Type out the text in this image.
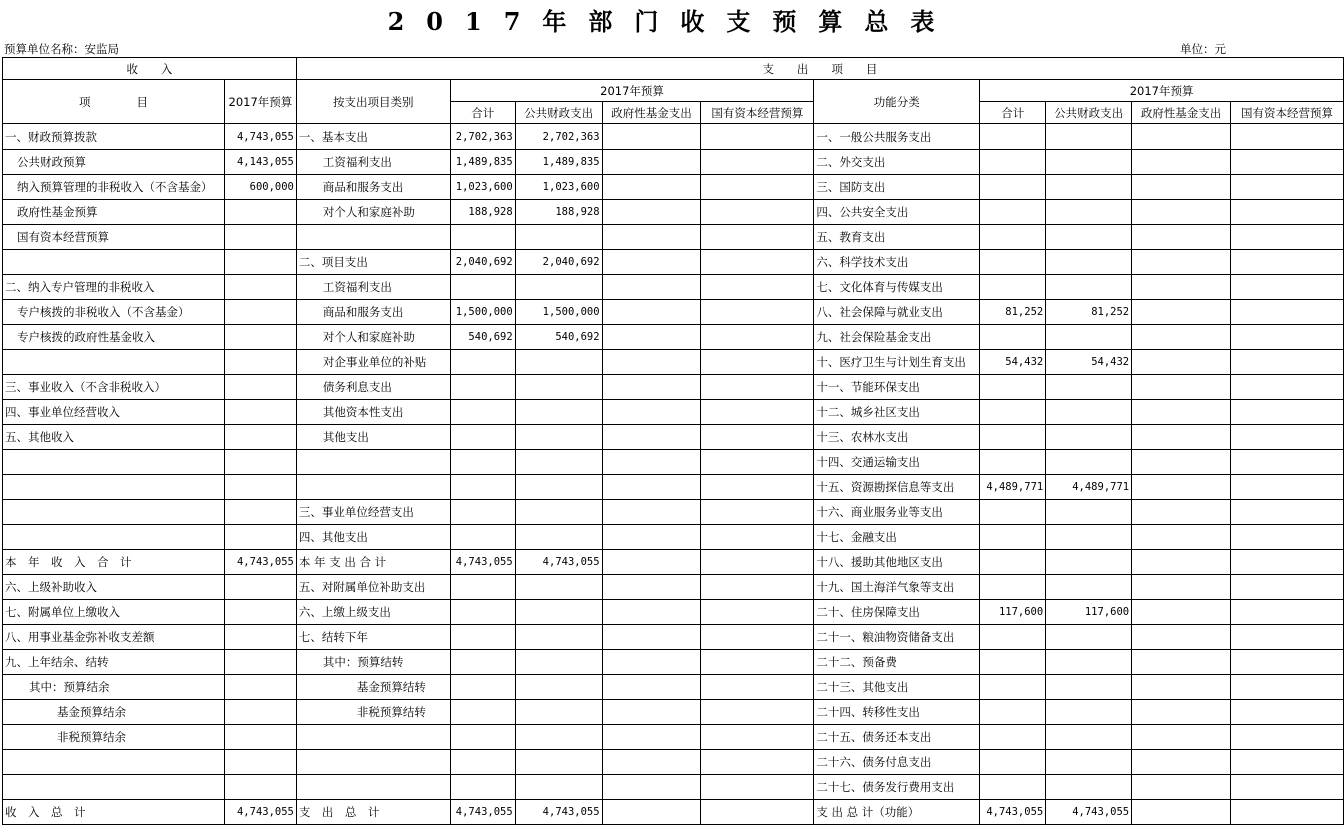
2017年部门收支预算总表
预算单位名称：安监局	单位：元
收　　入		支　　出　　项　　目									
项　　　　目	2017年预算	按支出项目类别	2017年预算				功能分类	2017年预算			
			合计	公共财政支出	政府性基金支出	国有资本经营预算		合计	公共财政支出	政府性基金支出	国有资本经营预算
一、财政预算拨款	4,743,055	一、基本支出	2,702,363	2,702,363			一、一般公共服务支出				
公共财政预算	4,143,055	工资福利支出	1,489,835	1,489,835			二、外交支出				
纳入预算管理的非税收入（不含基金）	600,000	商品和服务支出	1,023,600	1,023,600			三、国防支出				
政府性基金预算		对个人和家庭补助	188,928	188,928			四、公共安全支出				
国有资本经营预算							五、教育支出				
		二、项目支出	2,040,692	2,040,692			六、科学技术支出				
二、纳入专户管理的非税收入		工资福利支出					七、文化体育与传媒支出				
专户核拨的非税收入（不含基金）		商品和服务支出	1,500,000	1,500,000			八、社会保障与就业支出	81,252	81,252		
专户核拨的政府性基金收入		对个人和家庭补助	540,692	540,692			九、社会保险基金支出				
		对企事业单位的补贴					十、医疗卫生与计划生育支出	54,432	54,432		
三、事业收入（不含非税收入）		债务利息支出					十一、节能环保支出				
四、事业单位经营收入		其他资本性支出					十二、城乡社区支出				
五、其他收入		其他支出					十三、农林水支出				
							十四、交通运输支出				
							十五、资源勘探信息等支出	4,489,771	4,489,771		
		三、事业单位经营支出					十六、商业服务业等支出				
		四、其他支出					十七、金融支出				
本　年　收　入　合　计	4,743,055	本 年 支 出 合 计	4,743,055	4,743,055			十八、援助其他地区支出				
六、上级补助收入		五、对附属单位补助支出					十九、国土海洋气象等支出				
七、附属单位上缴收入		六、上缴上级支出					二十、住房保障支出	117,600	117,600		
八、用事业基金弥补收支差额		七、结转下年					二十一、粮油物资储备支出				
九、上年结余、结转		其中：预算结转					二十二、预备费				
其中：预算结余		基金预算结转					二十三、其他支出				
基金预算结余		非税预算结转					二十四、转移性支出				
非税预算结余							二十五、债务还本支出				
							二十六、债务付息支出				
							二十七、债务发行费用支出				
收　入　总　计	4,743,055	支　出　总　计	4,743,055	4,743,055			支 出 总 计（功能）	4,743,055	4,743,055		
